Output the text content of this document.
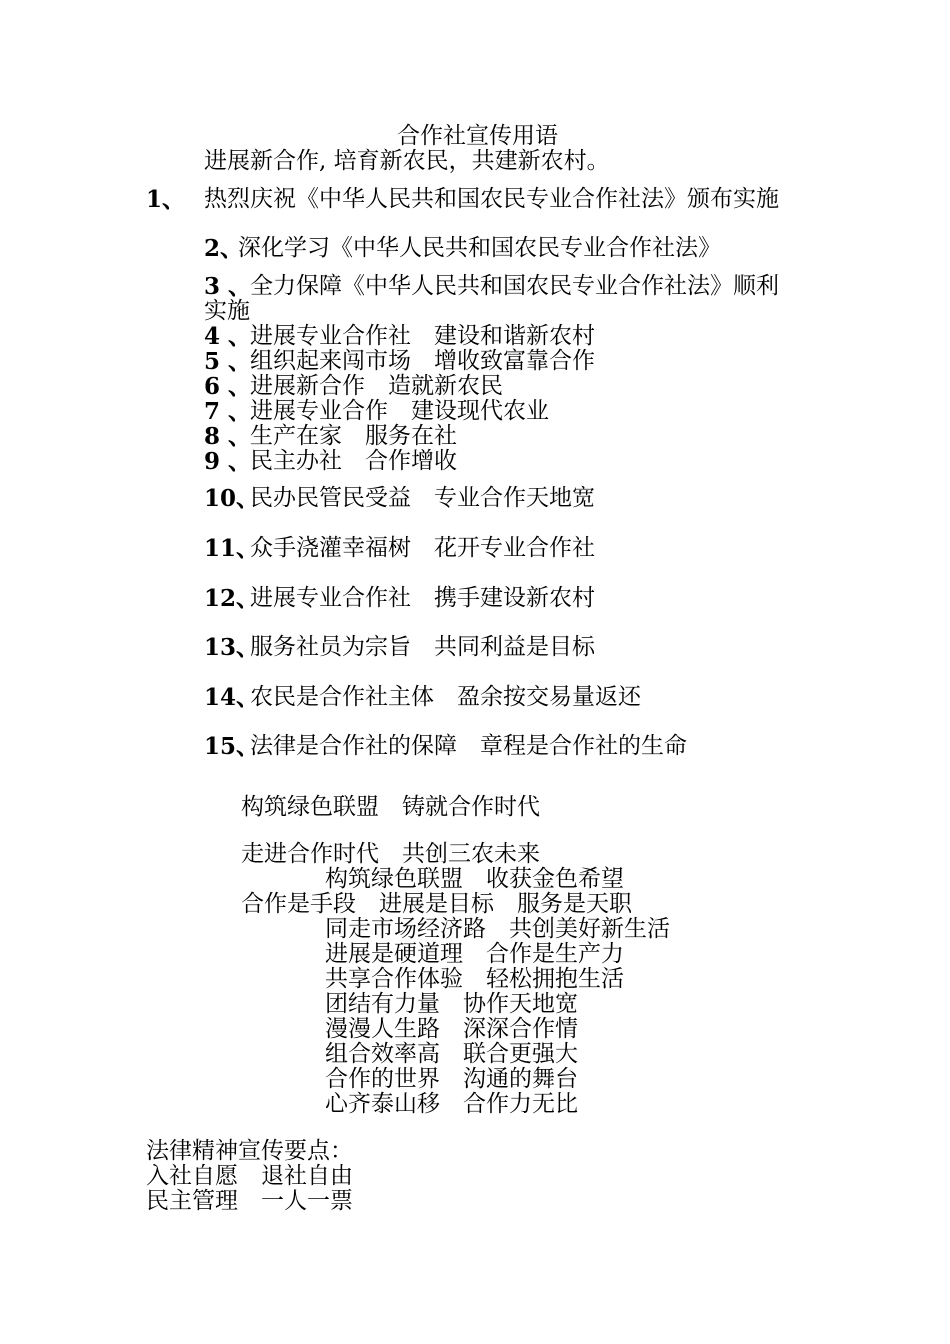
合作社宣传用语
进展新合作, 培育新农民，共建新农村。
1、 热烈庆祝《中华人民共和国农民专业合作社法》颁布实施
2、
深化学习《中华人民共和国农民专业合作社法》
3 、
全力保障《中华人民共和国农民专业合作社法》顺利
实施
4 、
进展专业合作社　建设和谐新农村
5 、
组织起来闯市场　增收致富靠合作
6 、
进展新合作　造就新农民
7 、
进展专业合作　建设现代农业
8 、
生产在家　服务在社
9 、
民主办社　合作增收
10、
民办民管民受益　专业合作天地宽
11、
众手浇灌幸福树　花开专业合作社
12、
进展专业合作社　携手建设新农村
13、
服务社员为宗旨　共同利益是目标
14、
农民是合作社主体　盈余按交易量返还
15、
法律是合作社的保障　章程是合作社的生命
构筑绿色联盟　铸就合作时代
走进合作时代　共创三农未来
构筑绿色联盟　收获金色希望
合作是手段　进展是目标　服务是天职
同走市场经济路　共创美好新生活
进展是硬道理　合作是生产力
共享合作体验　轻松拥抱生活
团结有力量　协作天地宽
漫漫人生路　深深合作情
组合效率高　联合更强大
合作的世界　沟通的舞台
心齐泰山移　合作力无比
法律精神宣传要点：
入社自愿　退社自由
民主管理　一人一票
